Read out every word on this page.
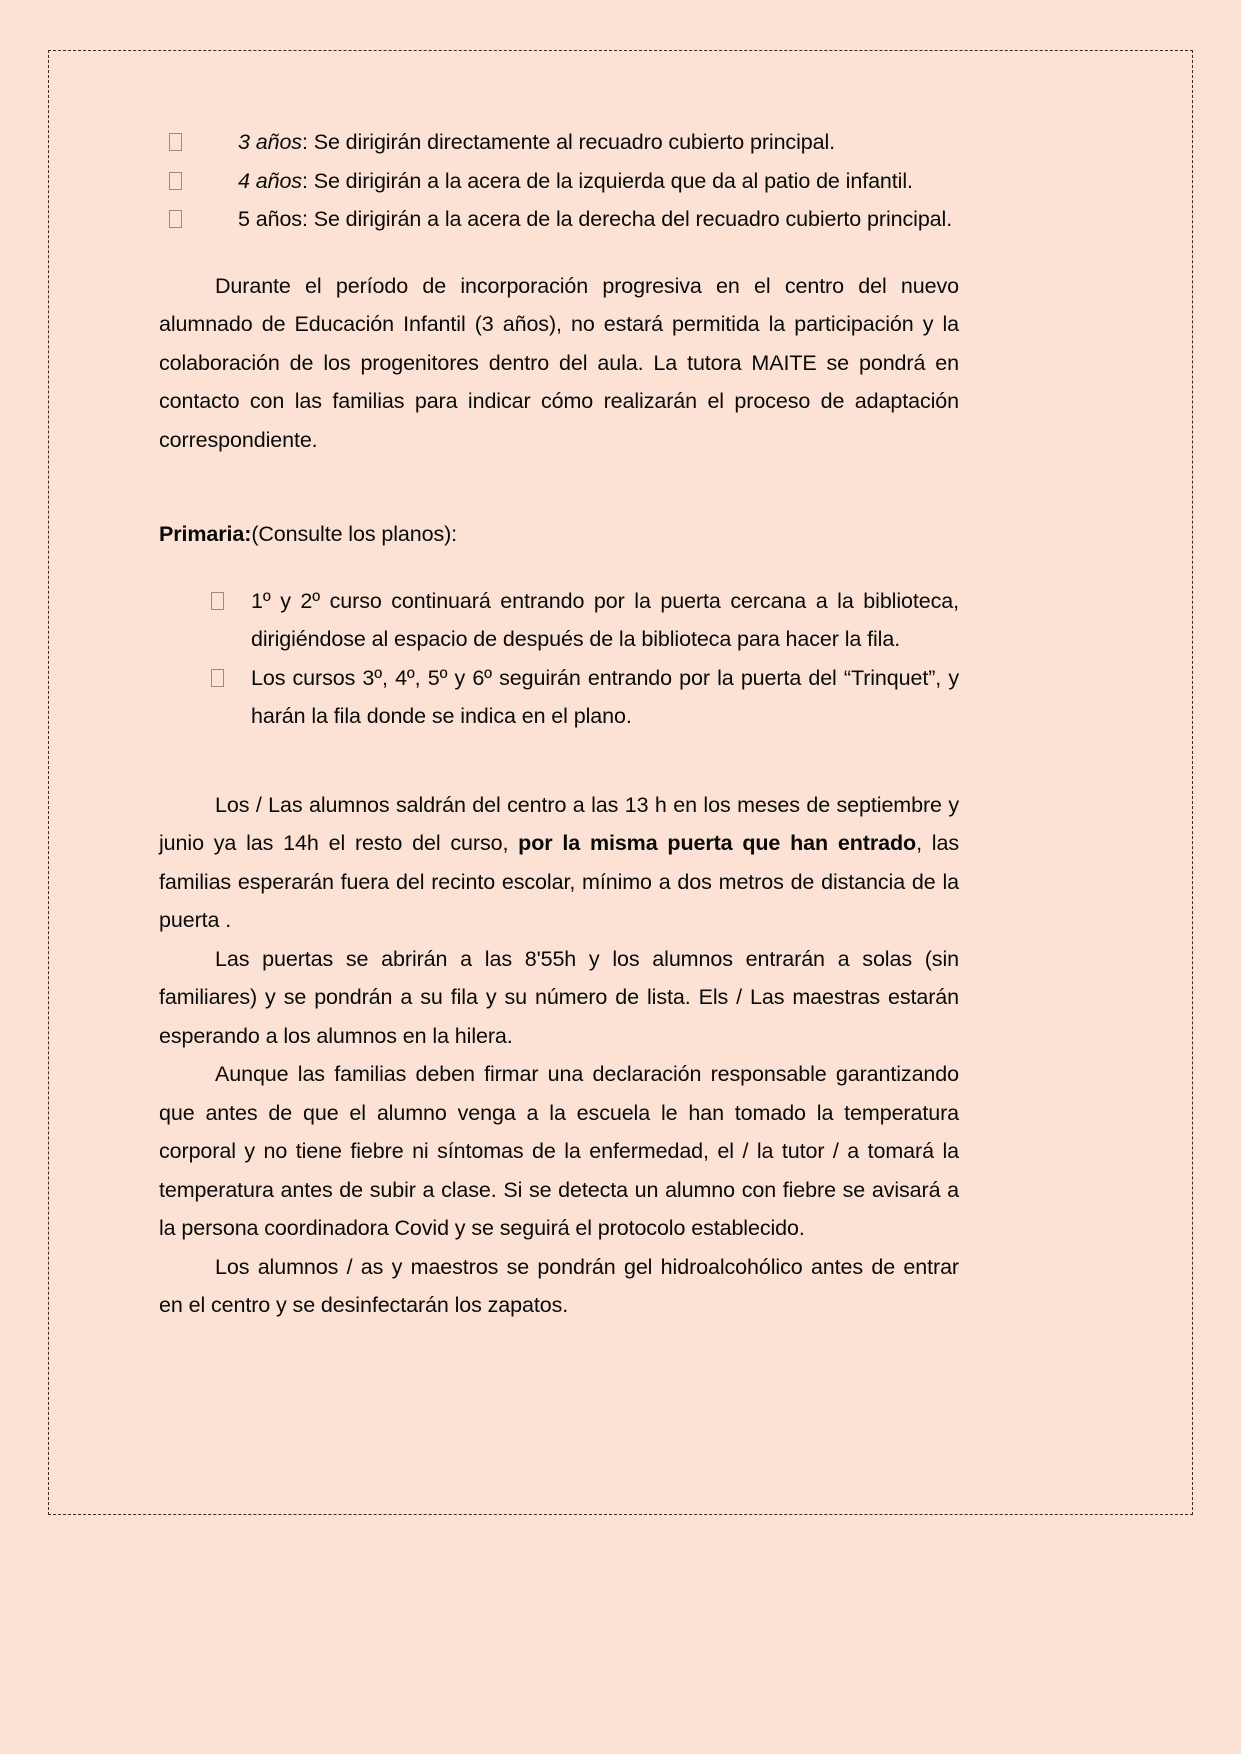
3 años: Se dirigirán directamente al recuadro cubierto principal.
4 años: Se dirigirán a la acera de la izquierda que da al patio de infantil.
5 años: Se dirigirán a la acera de la derecha del recuadro cubierto principal.

Durante el período de incorporación progresiva en el centro del nuevo alumnado de Educación Infantil (3 años), no estará permitida la participación y la colaboración de los progenitores dentro del aula. La tutora MAITE se pondrá en contacto con las familias para indicar cómo realizarán el proceso de adaptación correspondiente.

Primaria:(Consulte los planos):
1º y 2º curso continuará entrando por la puerta cercana a la biblioteca, dirigiéndose al espacio de después de la biblioteca para hacer la fila.
Los cursos 3º, 4º, 5º y 6º seguirán entrando por la puerta del “Trinquet”, y harán la fila donde se indica en el plano.

Los / Las alumnos saldrán del centro a las 13 h en los meses de septiembre y junio ya las 14h el resto del curso, por la misma puerta que han entrado, las familias esperarán fuera del recinto escolar, mínimo a dos metros de distancia de la puerta .

Las puertas se abrirán a las 8'55h y los alumnos entrarán a solas (sin familiares) y se pondrán a su fila y su número de lista. Els / Las maestras estarán esperando a los alumnos en la hilera.

Aunque las familias deben firmar una declaración responsable garantizando que antes de que el alumno venga a la escuela le han tomado la temperatura corporal y no tiene fiebre ni síntomas de la enfermedad, el / la tutor / a tomará la temperatura antes de subir a clase. Si se detecta un alumno con fiebre se avisará a la persona coordinadora Covid y se seguirá el protocolo establecido.

Los alumnos / as y maestros se pondrán gel hidroalcohólico antes de entrar en el centro y se desinfectarán los zapatos.
